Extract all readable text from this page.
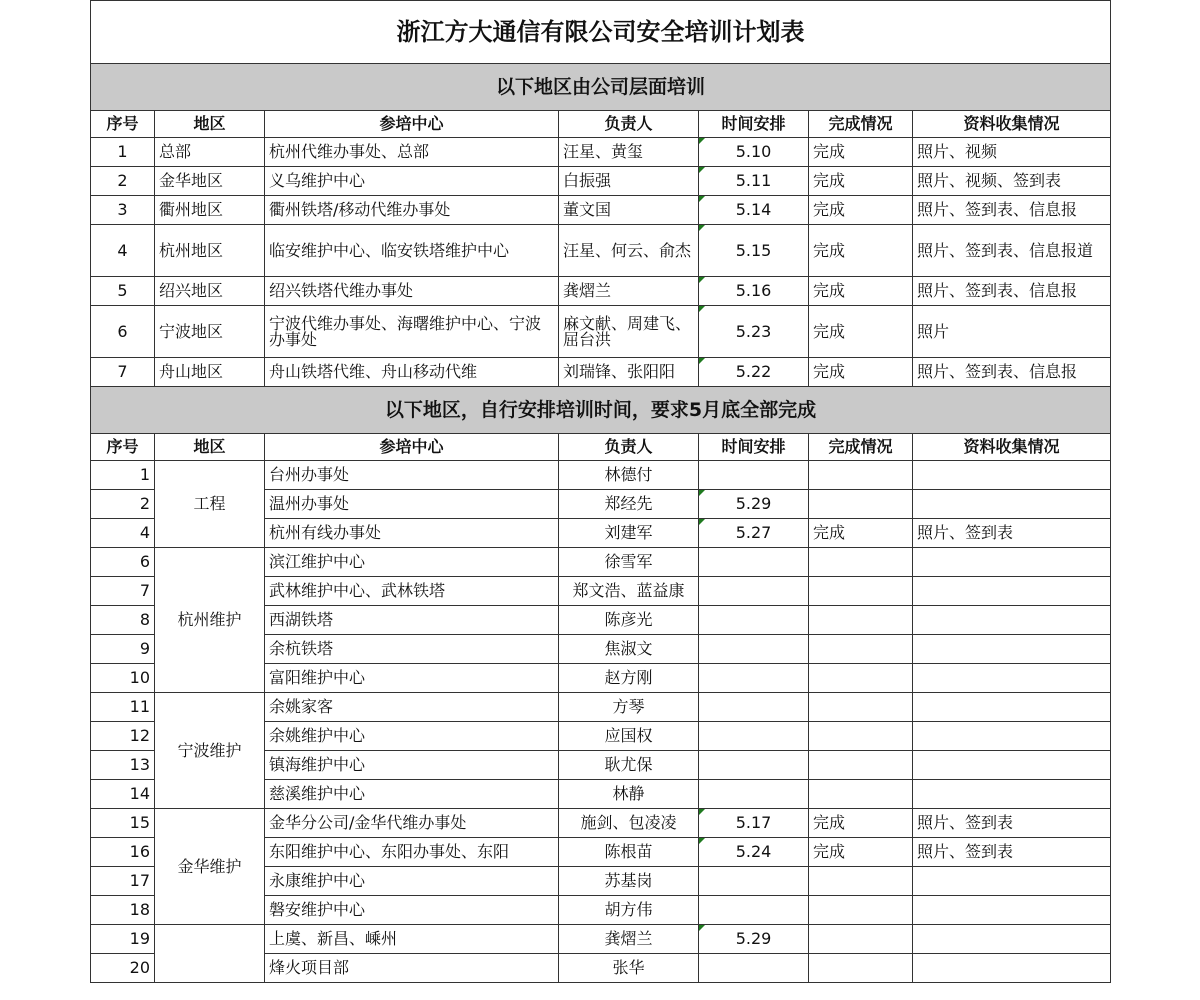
浙江方大通信有限公司安全培训计划表						
以下地区由公司层面培训						
序号	地区	参培中心	负责人	时间安排	完成情况	资料收集情况
1	总部	杭州代维办事处、总部	汪星、黄玺	5.10	完成	照片、视频
2	金华地区	义乌维护中心	白振强	5.11	完成	照片、视频、签到表
3	衢州地区	衢州铁塔/移动代维办事处	董文国	5.14	完成	照片、签到表、信息报
4	杭州地区	临安维护中心、临安铁塔维护中心	汪星、何云、俞杰	5.15	完成	照片、签到表、信息报道
5	绍兴地区	绍兴铁塔代维办事处	龚熠兰	5.16	完成	照片、签到表、信息报
6	宁波地区	宁波代维办事处、海曙维护中心、宁波办事处	麻文献、周建飞、屈台洪	5.23	完成	照片
7	舟山地区	舟山铁塔代维、舟山移动代维	刘瑞锋、张阳阳	5.22	完成	照片、签到表、信息报
以下地区，自行安排培训时间，要求5月底全部完成						
序号	地区	参培中心	负责人	时间安排	完成情况	资料收集情况
1	工程	台州办事处	林德付			
2		温州办事处	郑经先	5.29		
4		杭州有线办事处	刘建军	5.27	完成	照片、签到表
6	杭州维护	滨江维护中心	徐雪军			
7		武林维护中心、武林铁塔	郑文浩、蓝益康			
8		西湖铁塔	陈彦光			
9		余杭铁塔	焦淑文			
10		富阳维护中心	赵方刚			
11	宁波维护	余姚家客	方琴			
12		余姚维护中心	应国权			
13		镇海维护中心	耿尤保			
14		慈溪维护中心	林静			
15	金华维护	金华分公司/金华代维办事处	施剑、包凌凌	5.17	完成	照片、签到表
16		东阳维护中心、东阳办事处、东阳	陈根苗	5.24	完成	照片、签到表
17		永康维护中心	苏基岗			
18		磐安维护中心	胡方伟			
19		上虞、新昌、嵊州	龚熠兰	5.29		
20		烽火项目部	张华			
